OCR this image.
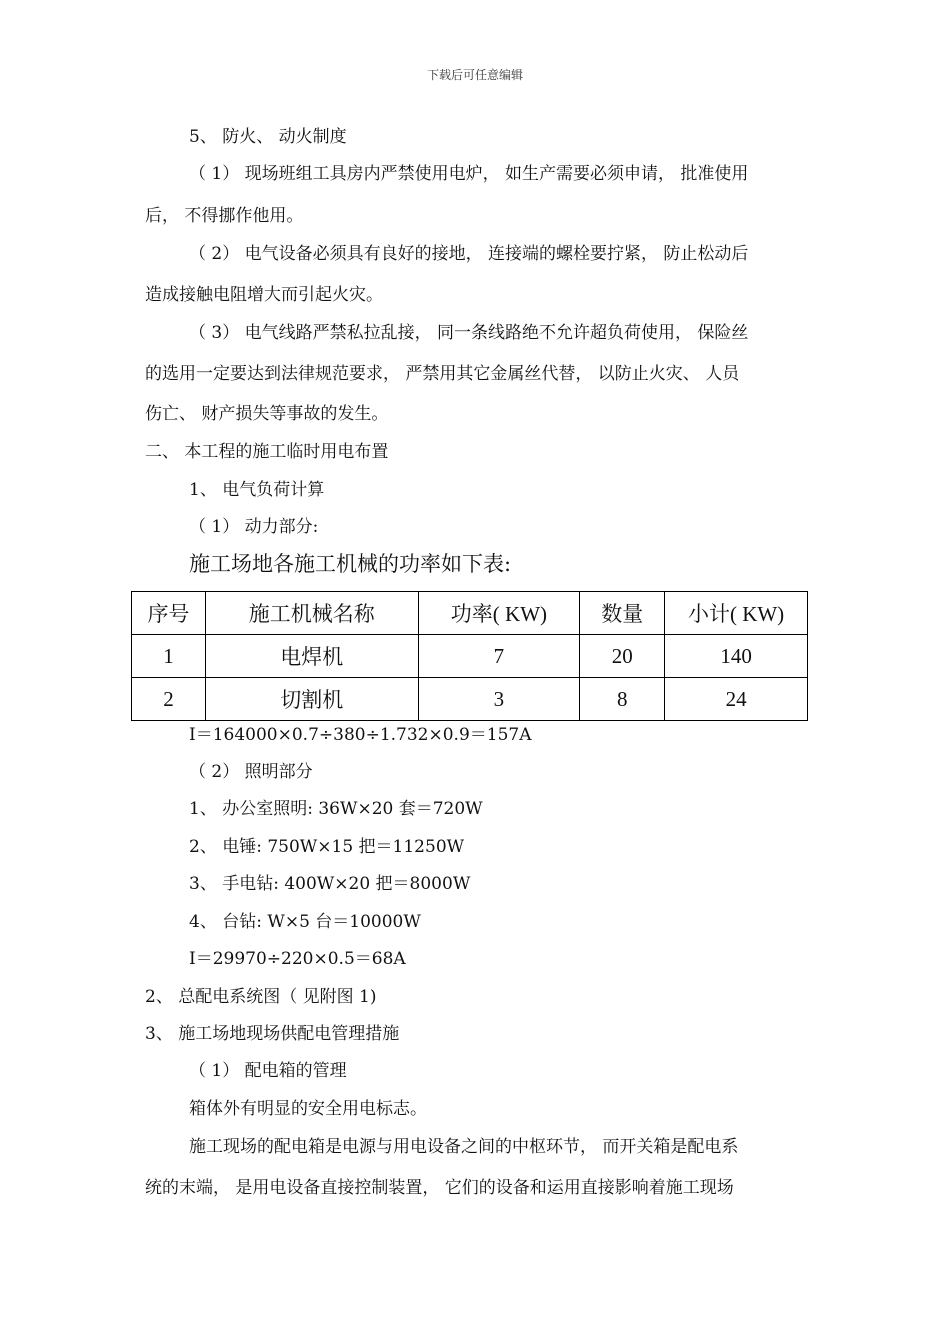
下载后可任意编辑
5、 防火、 动火制度
（ 1） 现场班组工具房内严禁使用电炉， 如生产需要必须申请， 批准使用
后， 不得挪作他用。
（ 2） 电气设备必须具有良好的接地， 连接端的螺栓要拧紧， 防止松动后
造成接触电阻增大而引起火灾。
（ 3） 电气线路严禁私拉乱接， 同一条线路绝不允许超负荷使用， 保险丝
的选用一定要达到法律规范要求， 严禁用其它金属丝代替， 以防止火灾、 人员
伤亡、 财产损失等事故的发生。
二、 本工程的施工临时用电布置
1、 电气负荷计算
（ 1） 动力部分:
施工场地各施工机械的功率如下表:
序号	施工机械名称	功率( KW)	数量	小计( KW)
1	电焊机	7	20	140
2	切割机	3	8	24
I＝164000×0.7÷380÷1.732×0.9＝157A
（ 2） 照明部分
1、 办公室照明: 36W×20 套＝720W
2、 电锤: 750W×15 把＝11250W
3、 手电钻: 400W×20 把＝8000W
4、 台钻: W×5 台＝10000W
I＝29970÷220×0.5＝68A
2、 总配电系统图（ 见附图 1)
3、 施工场地现场供配电管理措施
（ 1） 配电箱的管理
箱体外有明显的安全用电标志。
施工现场的配电箱是电源与用电设备之间的中枢环节， 而开关箱是配电系
统的末端， 是用电设备直接控制装置， 它们的设备和运用直接影响着施工现场
